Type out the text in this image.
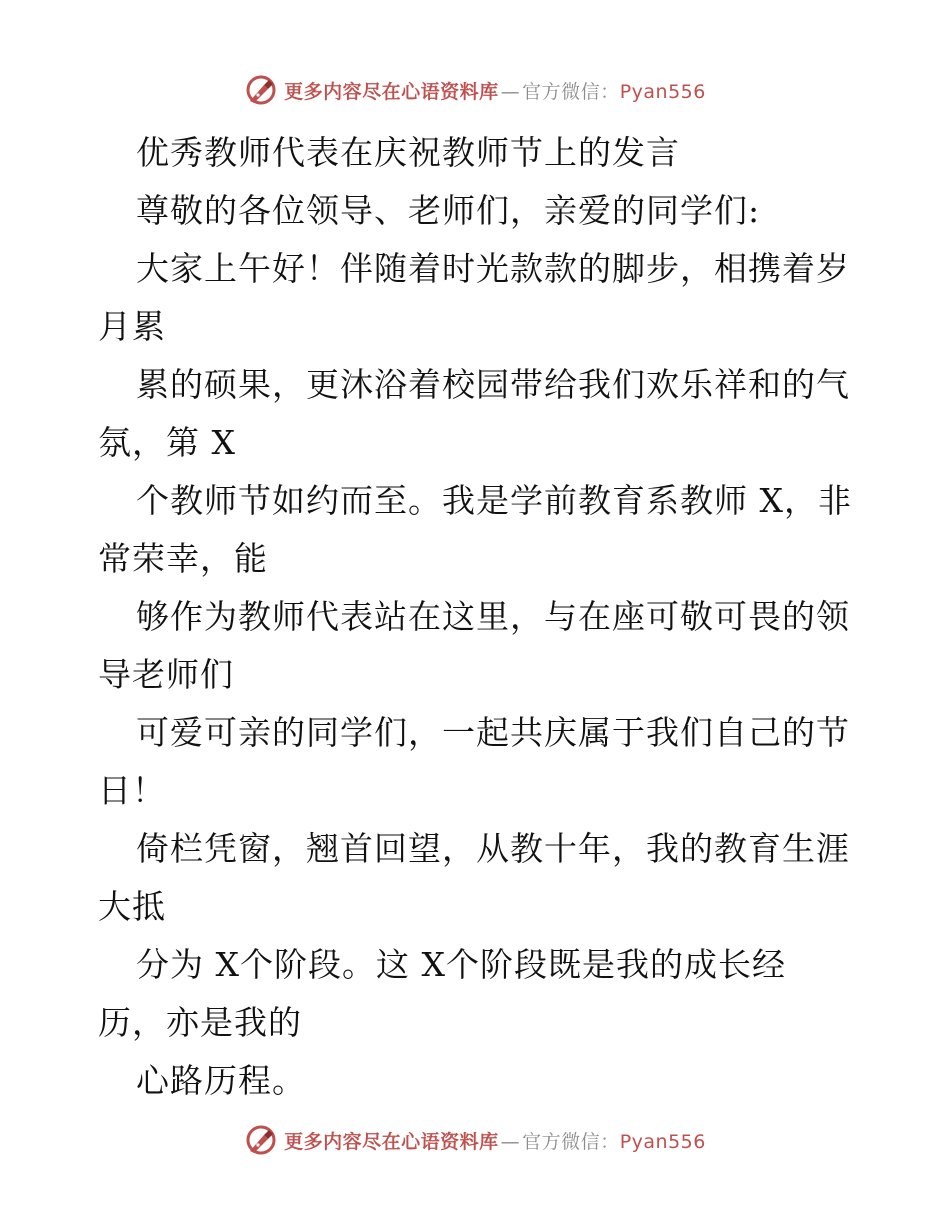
更多内容尽在心语资料库 — 官方微信：Pyan556
优秀教师代表在庆祝教师节上的发言
尊敬的各位领导、老师们，亲爱的同学们:
大家上午好！伴随着时光款款的脚步，相携着岁
月累
累的硕果，更沐浴着校园带给我们欢乐祥和的气
氛，第 X
个教师节如约而至。我是学前教育系教师 X，非
常荣幸，能
够作为教师代表站在这里，与在座可敬可畏的领
导老师们
可爱可亲的同学们，一起共庆属于我们自己的节
日！
倚栏凭窗，翘首回望，从教十年，我的教育生涯
大抵
分为 X个阶段。这 X个阶段既是我的成长经
历，亦是我的
心路历程。
更多内容尽在心语资料库 — 官方微信：Pyan556
